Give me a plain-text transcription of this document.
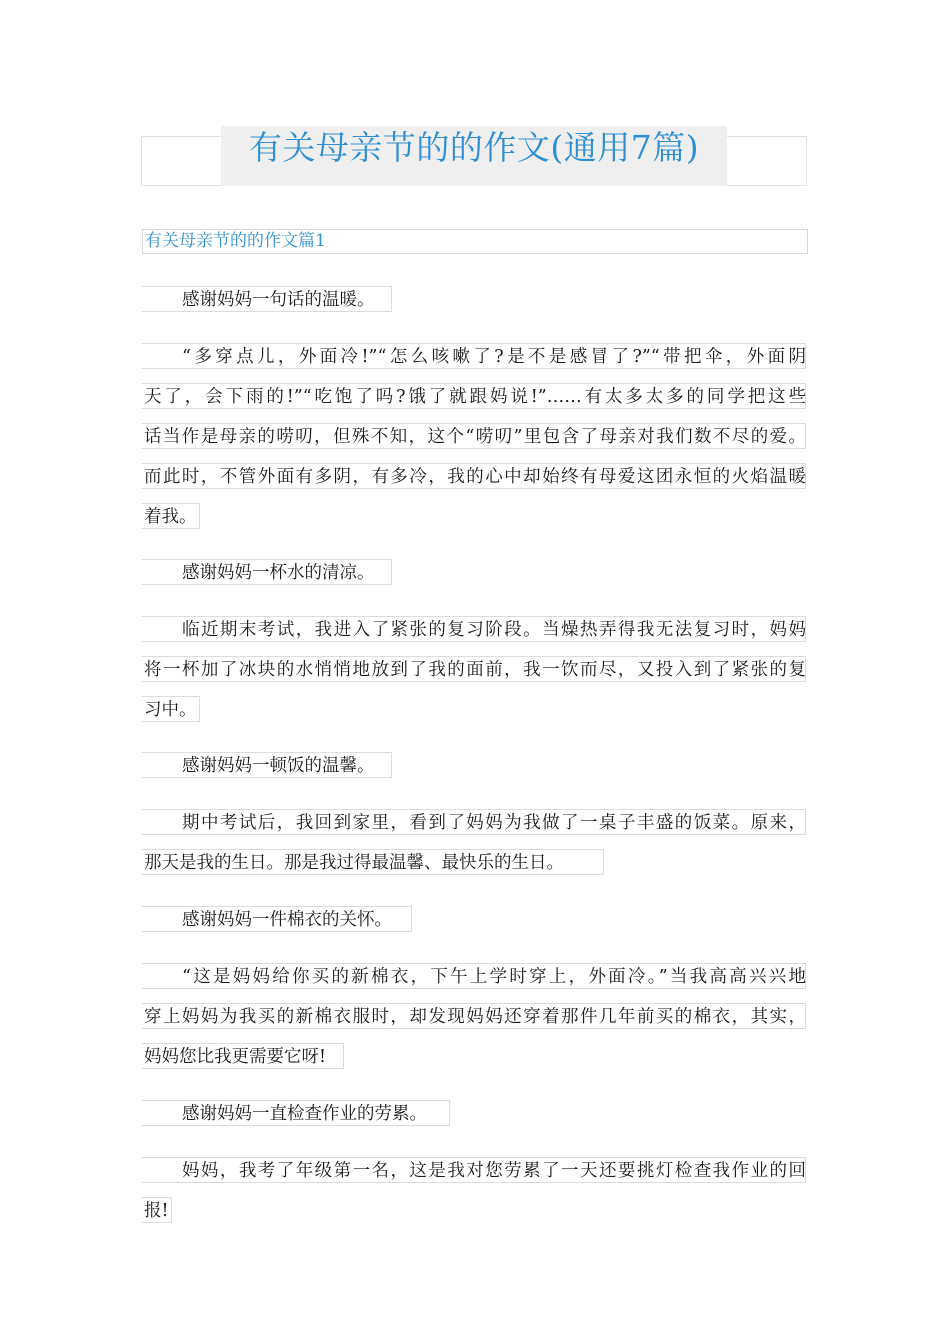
有关母亲节的的作文(通用7篇)
有关母亲节的的作文篇1
感谢妈妈一句话的温暖。
“多穿点儿，外面冷!”“怎么咳嗽了?是不是感冒了?”“带把伞，外面阴
天了，会下雨的!”“吃饱了吗?饿了就跟妈说!”……有太多太多的同学把这些
话当作是母亲的唠叨，但殊不知，这个“唠叨”里包含了母亲对我们数不尽的爱。
而此时，不管外面有多阴，有多冷，我的心中却始终有母爱这团永恒的火焰温暖
着我。
感谢妈妈一杯水的清凉。
临近期末考试，我进入了紧张的复习阶段。当燥热弄得我无法复习时，妈妈
将一杯加了冰块的水悄悄地放到了我的面前，我一饮而尽，又投入到了紧张的复
习中。
感谢妈妈一顿饭的温馨。
期中考试后，我回到家里，看到了妈妈为我做了一桌子丰盛的饭菜。原来，
那天是我的生日。那是我过得最温馨、最快乐的生日。
感谢妈妈一件棉衣的关怀。
“这是妈妈给你买的新棉衣，下午上学时穿上，外面冷。”当我高高兴兴地
穿上妈妈为我买的新棉衣服时，却发现妈妈还穿着那件几年前买的棉衣，其实，
妈妈您比我更需要它呀!
感谢妈妈一直检查作业的劳累。
妈妈，我考了年级第一名，这是我对您劳累了一天还要挑灯检查我作业的回
报!
